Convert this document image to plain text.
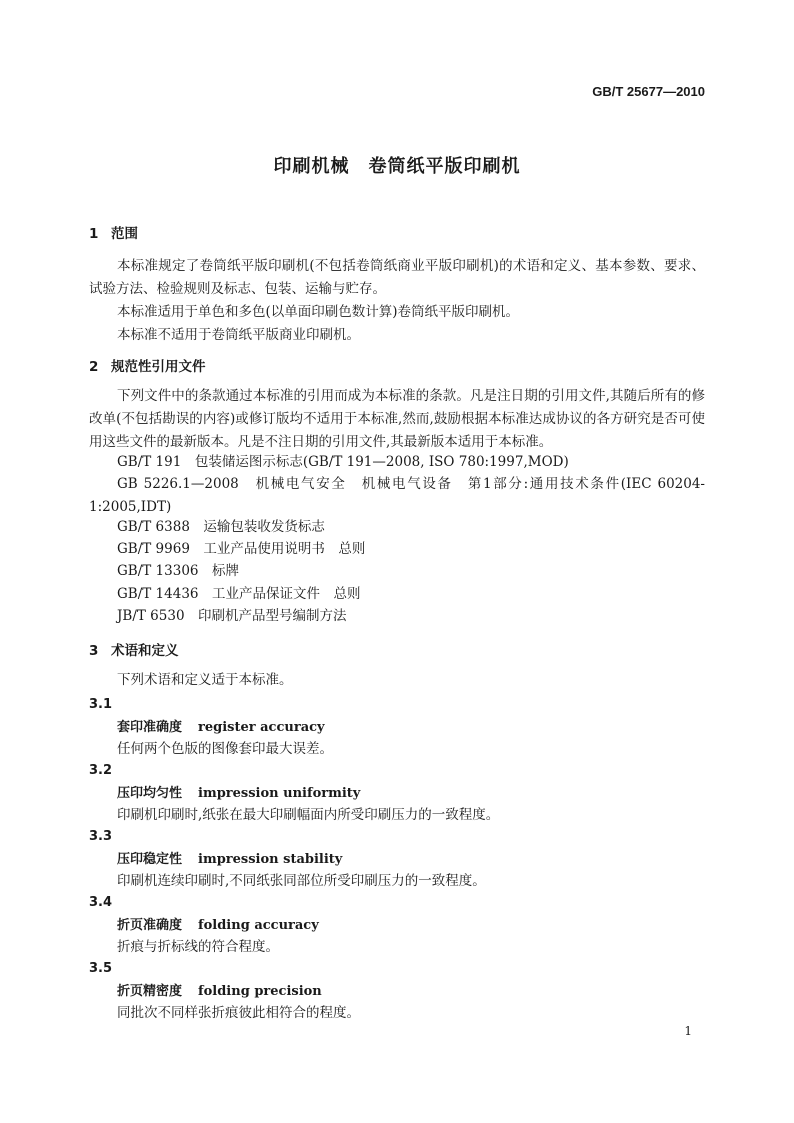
GB/T 25677—2010
印刷机械　卷筒纸平版印刷机
1 范围
本标准规定了卷筒纸平版印刷机(不包括卷筒纸商业平版印刷机)的术语和定义、基本参数、要求、试验方法、检验规则及标志、包装、运输与贮存。
本标准适用于单色和多色(以单面印刷色数计算)卷筒纸平版印刷机。
本标准不适用于卷筒纸平版商业印刷机。
2 规范性引用文件
下列文件中的条款通过本标准的引用而成为本标准的条款。凡是注日期的引用文件,其随后所有的修改单(不包括勘误的内容)或修订版均不适用于本标准,然而,鼓励根据本标准达成协议的各方研究是否可使用这些文件的最新版本。凡是不注日期的引用文件,其最新版本适用于本标准。
GB/T 191　包装储运图示标志(GB/T 191—2008, ISO 780:1997,MOD)
GB 5226.1—2008　机械电气安全　机械电气设备　第1部分:通用技术条件(IEC 60204-1:2005,IDT)
GB/T 6388　运输包装收发货标志
GB/T 9969　工业产品使用说明书　总则
GB/T 13306　标牌
GB/T 14436　工业产品保证文件　总则
JB/T 6530　印刷机产品型号编制方法
3 术语和定义
下列术语和定义适于本标准。
3.1
套印准确度 register accuracy
任何两个色版的图像套印最大误差。
3.2
压印均匀性 impression uniformity
印刷机印刷时,纸张在最大印刷幅面内所受印刷压力的一致程度。
3.3
压印稳定性 impression stability
印刷机连续印刷时,不同纸张同部位所受印刷压力的一致程度。
3.4
折页准确度 folding accuracy
折痕与折标线的符合程度。
3.5
折页精密度 folding precision
同批次不同样张折痕彼此相符合的程度。
1
